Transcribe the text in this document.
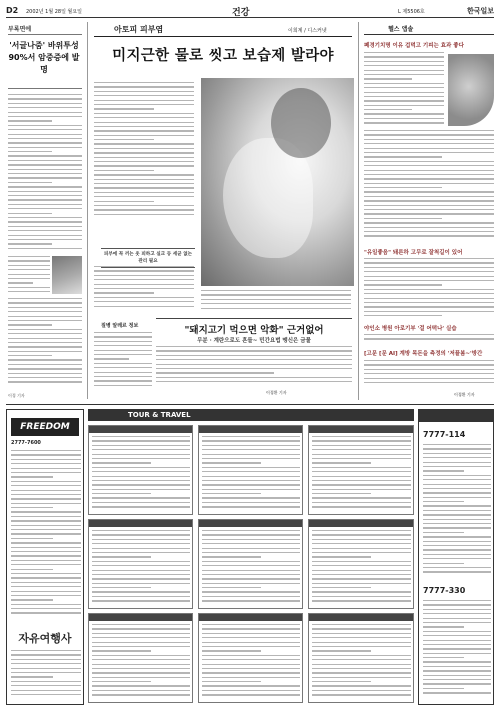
D2 2002년 1월 28일 월요일	건강	L 제5506호	한국일보
부록면에
'서글나줌' 바위투성 90%서 암중증에 발명
이경 기자
아토피 피부염	이희계 / 디스커넷
미지근한 물로 씻고 보습제 발라야
피부에 꼭 끼는 옷 피하고 실크 등 세균 없는 관리 필요
질병 알레르 정보	"돼지고기 먹으면 악화" 근거없어
무분 · 계란으로도 흔들~ 민간요법 맹신은 금물
이경환 기자
헬스 앱솔
폐경기치명 이유 겁먹고 기피는 효과 좋다
"유일좋음" 돼른하 고무로 잘척길이 있어
야인소 병원 아로기부 '걸 어떡나' 실습
[고문 [문 AI] 계방 목돈을 측정의 '저플봄~'방간
이경환 기자
FREEDOM
2777-7600
자유여행사
TOUR & TRAVEL
7777-114
7777-330
